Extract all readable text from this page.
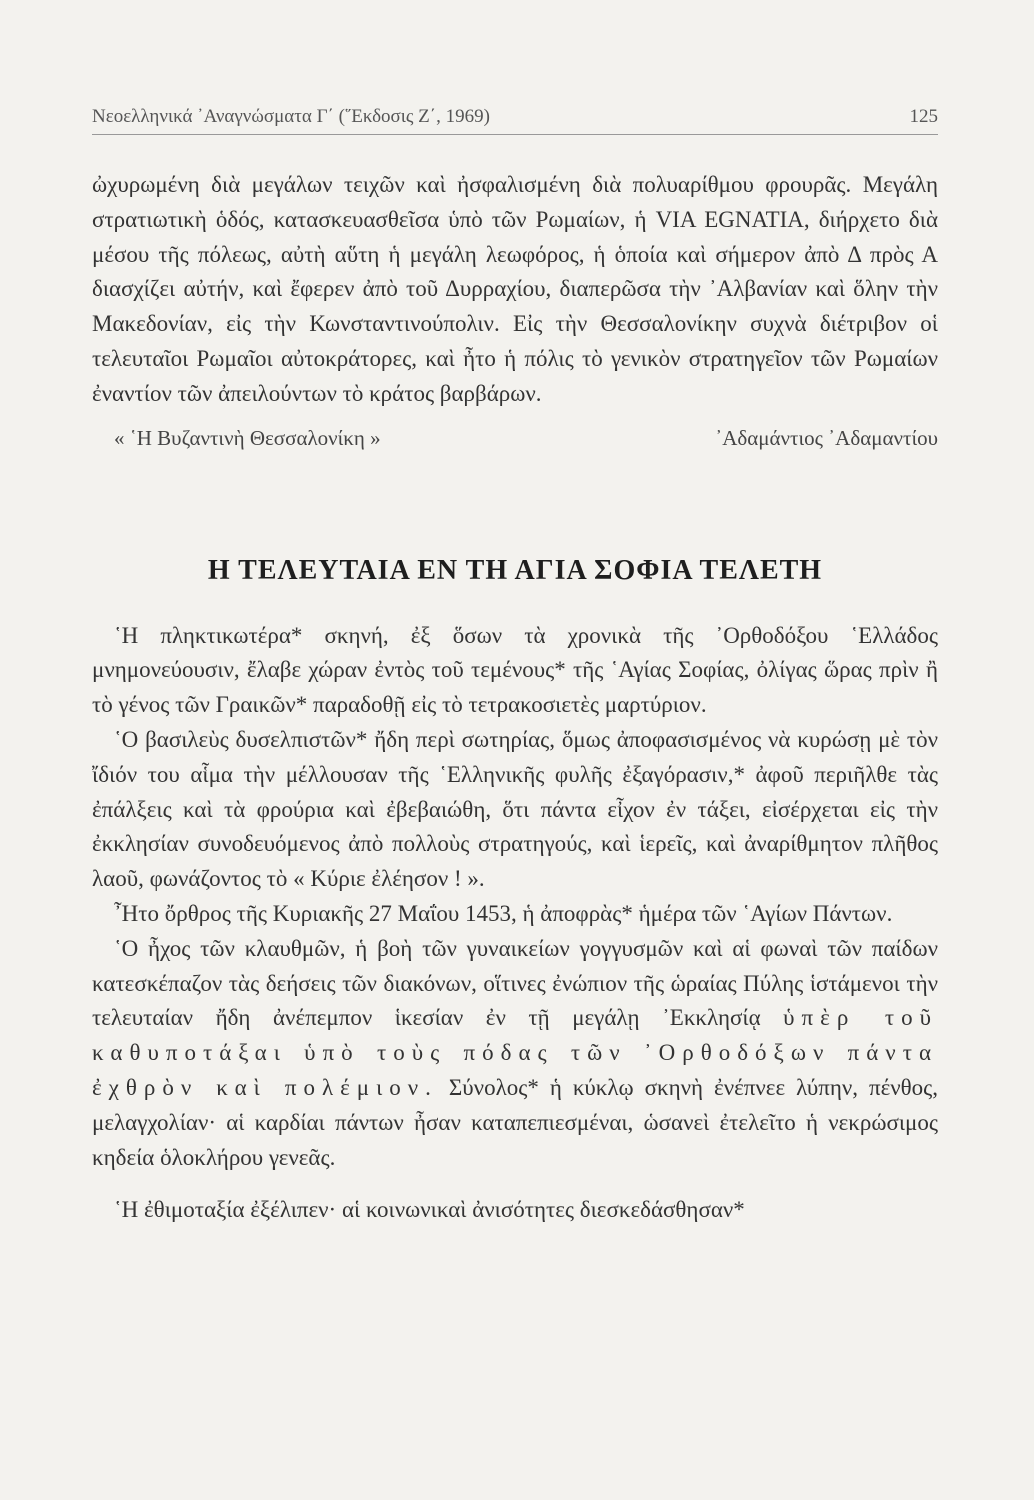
Νεοελληνικά ᾿Αναγνώσματα Γ΄ (῞Εκδοσις Ζ΄, 1969)	125

ὠχυρωμένη διὰ μεγάλων τειχῶν καὶ ἠσφαλισμένη διὰ πολυαρίθμου φρουρᾶς. Μεγάλη στρατιωτικὴ ὁδός, κατασκευασθεῖσα ὑπὸ τῶν Ρωμαίων, ἡ VIA EGNATIA, διήρχετο διὰ μέσου τῆς πόλεως, αὐτὴ αὕτη ἡ μεγάλη λεωφόρος, ἡ ὁποία καὶ σήμερον ἀπὸ Δ πρὸς Α διασχίζει αὐτήν, καὶ ἔφερεν ἀπὸ τοῦ Δυρραχίου, διαπερῶσα τὴν ᾿Αλβανίαν καὶ ὅλην τὴν Μακεδονίαν, εἰς τὴν Κωνσταντινούπολιν. Εἰς τὴν Θεσσαλονίκην συχνὰ διέτριβον οἱ τελευταῖοι Ρωμαῖοι αὐτοκράτορες, καὶ ἦτο ἡ πόλις τὸ γενικὸν στρατηγεῖον τῶν Ρωμαίων ἐναντίον τῶν ἀπειλούντων τὸ κράτος βαρβάρων.

« ῾Η Βυζαντινὴ Θεσσαλονίκη »	᾿Αδαμάντιος ᾿Αδαμαντίου
Η ΤΕΛΕΥΤΑΙΑ ΕΝ ΤΗ ΑΓΙΑ ΣΟΦΙΑ ΤΕΛΕΤΗ

῾Η πληκτικωτέρα* σκηνή, ἐξ ὅσων τὰ χρονικὰ τῆς ᾿Ορθοδόξου ῾Ελλάδος μνημονεύουσιν, ἔλαβε χώραν ἐντὸς τοῦ τεμένους* τῆς ῾Αγίας Σοφίας, ὀλίγας ὥρας πρὶν ἢ τὸ γένος τῶν Γραικῶν* παραδοθῇ εἰς τὸ τετρακοσιετὲς μαρτύριον.

῾Ο βασιλεὺς δυσελπιστῶν* ἤδη περὶ σωτηρίας, ὅμως ἀποφασισμένος νὰ κυρώσῃ μὲ τὸν ἴδιόν του αἷμα τὴν μέλλουσαν τῆς ῾Ελληνικῆς φυλῆς ἐξαγόρασιν,* ἀφοῦ περιῆλθε τὰς ἐπάλξεις καὶ τὰ φρούρια καὶ ἐβεβαιώθη, ὅτι πάντα εἶχον ἐν τάξει, εἰσέρχεται εἰς τὴν ἐκκλησίαν συνοδευόμενος ἀπὸ πολλοὺς στρατηγούς, καὶ ἱερεῖς, καὶ ἀναρίθμητον πλῆθος λαοῦ, φωνάζοντος τὸ « Κύριε ἐλέησον ! ».

῏Ητο ὄρθρος τῆς Κυριακῆς 27 Μαΐου 1453, ἡ ἀποφρὰς* ἡμέρα τῶν ῾Αγίων Πάντων.

῾Ο ἦχος τῶν κλαυθμῶν, ἡ βοὴ τῶν γυναικείων γογγυσμῶν καὶ αἱ φωναὶ τῶν παίδων κατεσκέπαζον τὰς δεήσεις τῶν διακόνων, οἵτινες ἐνώπιον τῆς ὡραίας Πύλης ἱστάμενοι τὴν τελευταίαν ἤδη ἀνέπεμπον ἱκεσίαν ἐν τῇ μεγάλῃ ᾿Εκκλησίᾳ ὑπὲρ τοῦ καθυποτάξαι ὑπὸ τοὺς πόδας τῶν ᾿Ορθοδόξων πάντα ἐχθρὸν καὶ πολέμιον. Σύνολος* ἡ κύκλῳ σκηνὴ ἐνέπνεε λύπην, πένθος, μελαγχολίαν· αἱ καρδίαι πάντων ἦσαν καταπεπιεσμέναι, ὡσανεὶ ἐτελεῖτο ἡ νεκρώσιμος κηδεία ὁλοκλήρου γενεᾶς.

῾Η ἐθιμοταξία ἐξέλιπεν· αἱ κοινωνικαὶ ἀνισότητες διεσκεδάσθησαν*
